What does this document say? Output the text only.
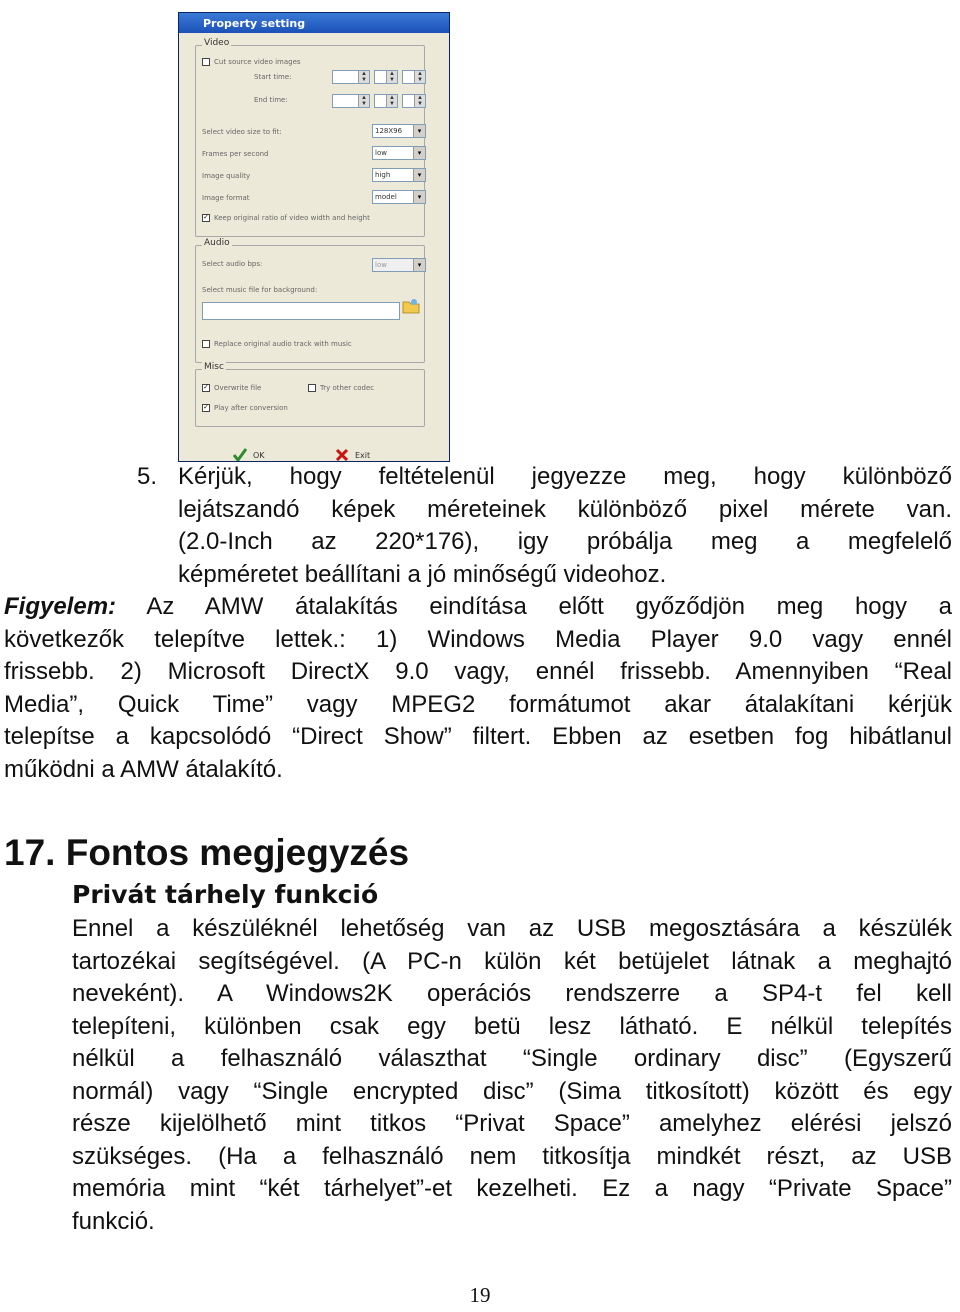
Property setting
Video
Cut source video images
Start time:
End time:
▲
▼
▲
▼
▲
▼
▲
▼
▲
▼
▲
▼
Select video size to fit:	128X96	▾
Frames per second	low	▾
Image quality	high	▾
Image format	model	▾
✓ Keep original ratio of video width and height
Audio
Select audio bps:	low	▾
Select music file for background:
Replace original audio track with music
Misc
✓ Overwrite file	Try other codec
✓ Play after conversion
OK	Exit
5. Kérjük, hogy feltételenül jegyezze meg, hogy különböző
lejátszandó képek méreteinek különböző pixel mérete van.
(2.0-Inch az 220*176), igy próbálja meg a megfelelő
képméretet beállítani a jó minőségű videohoz.
Figyelem: Az AMW átalakítás eindítása előtt győződjön meg hogy a
következők telepítve lettek.: 1) Windows Media Player 9.0 vagy ennél
frissebb. 2) Microsoft DirectX 9.0 vagy, ennél frissebb. Amennyiben “Real
Media”, Quick Time” vagy MPEG2 formátumot akar átalakítani kérjük
telepítse a kapcsolódó “Direct Show” filtert. Ebben az esetben fog hibátlanul
működni a AMW átalakító.
17. Fontos megjegyzés
Privát tárhely funkció
Ennel a készüléknél lehetőség van az USB megosztására a készülék
tartozékai segítségével. (A PC-n külön két betüjelet látnak a meghajtó
neveként). A Windows2K operációs rendszerre a SP4-t fel kell
telepíteni, különben csak egy betü lesz látható. E nélkül telepítés
nélkül a felhasználó választhat “Single ordinary disc” (Egyszerű
normál) vagy “Single encrypted disc” (Sima titkosított) között és egy
része kijelölhető mint titkos “Privat Space” amelyhez elérési jelszó
szükséges. (Ha a felhasználó nem titkosítja mindkét részt, az USB
memória mint “két tárhelyet”-et kezelheti. Ez a nagy “Private Space”
funkció.
19
